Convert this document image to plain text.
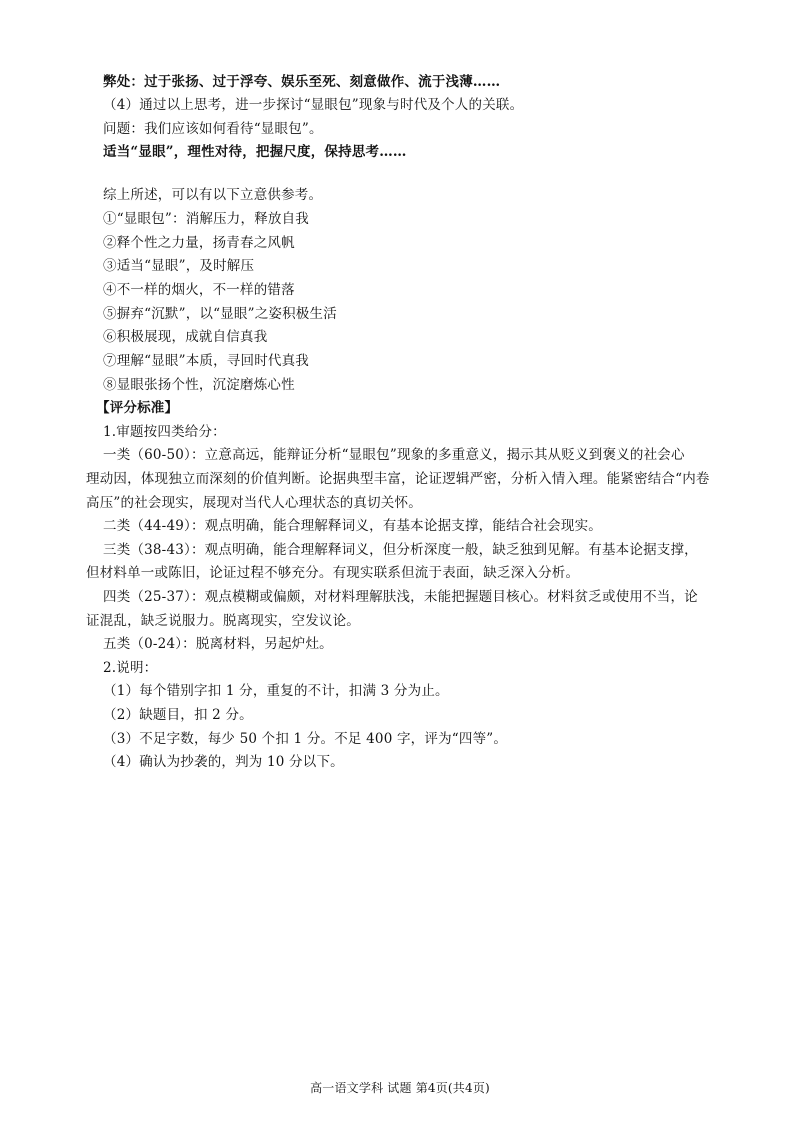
弊处：过于张扬、过于浮夸、娱乐至死、刻意做作、流于浅薄……
（4）通过以上思考，进一步探讨“显眼包”现象与时代及个人的关联。
问题：我们应该如何看待“显眼包”。
适当“显眼”，理性对待，把握尺度，保持思考……
综上所述，可以有以下立意供参考。
①“显眼包”：消解压力，释放自我
②释个性之力量，扬青春之风帆
③适当“显眼”，及时解压
④不一样的烟火，不一样的错落
⑤摒弃“沉默”，以“显眼”之姿积极生活
⑥积极展现，成就自信真我
⑦理解“显眼”本质，寻回时代真我
⑧显眼张扬个性，沉淀磨炼心性
【评分标准】
1.审题按四类给分：
一类（60-50）：立意高远，能辩证分析“显眼包”现象的多重意义，揭示其从贬义到褒义的社会心
理动因，体现独立而深刻的价值判断。论据典型丰富，论证逻辑严密，分析入情入理。能紧密结合“内卷
高压”的社会现实，展现对当代人心理状态的真切关怀。
二类（44-49）：观点明确，能合理解释词义，有基本论据支撑，能结合社会现实。
三类（38-43）：观点明确，能合理解释词义，但分析深度一般，缺乏独到见解。有基本论据支撑，
但材料单一或陈旧，论证过程不够充分。有现实联系但流于表面，缺乏深入分析。
四类（25-37）：观点模糊或偏颇，对材料理解肤浅，未能把握题目核心。材料贫乏或使用不当，论
证混乱，缺乏说服力。脱离现实，空发议论。
五类（0-24）：脱离材料，另起炉灶。
2.说明：
（1）每个错别字扣 1 分，重复的不计，扣满 3 分为止。
（2）缺题目，扣 2 分。
（3）不足字数，每少 50 个扣 1 分。不足 400 字，评为“四等”。
（4）确认为抄袭的，判为 10 分以下。
高一语文学科 试题 第4页(共4页)
